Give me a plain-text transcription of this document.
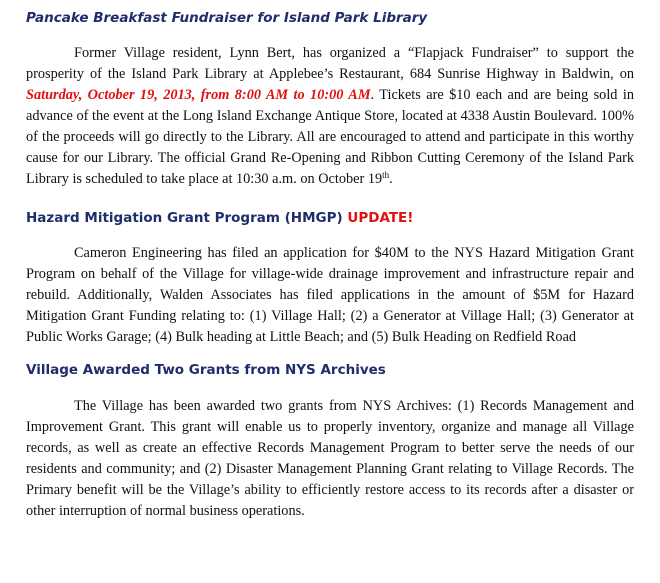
Pancake Breakfast Fundraiser for Island Park Library

Former Village resident, Lynn Bert, has organized a “Flapjack Fundraiser” to support the prosperity of the Island Park Library at Applebee’s Restaurant, 684 Sunrise Highway in Baldwin, on Saturday, October 19, 2013, from 8:00 AM to 10:00 AM. Tickets are $10 each and are being sold in advance of the event at the Long Island Exchange Antique Store, located at 4338 Austin Boulevard. 100% of the proceeds will go directly to the Library. All are encouraged to attend and participate in this worthy cause for our Library. The official Grand Re-Opening and Ribbon Cutting Ceremony of the Island Park Library is scheduled to take place at 10:30 a.m. on October 19th.

Hazard Mitigation Grant Program (HMGP) UPDATE!

Cameron Engineering has filed an application for $40M to the NYS Hazard Mitigation Grant Program on behalf of the Village for village-wide drainage improvement and infrastructure repair and rebuild. Additionally, Walden Associates has filed applications in the amount of $5M for Hazard Mitigation Grant Funding relating to: (1) Village Hall; (2) a Generator at Village Hall; (3) Generator at Public Works Garage; (4) Bulk heading at Little Beach; and (5) Bulk Heading on Redfield Road

Village Awarded Two Grants from NYS Archives

The Village has been awarded two grants from NYS Archives: (1) Records Management and Improvement Grant. This grant will enable us to properly inventory, organize and manage all Village records, as well as create an effective Records Management Program to better serve the needs of our residents and community; and (2) Disaster Management Planning Grant relating to Village Records. The Primary benefit will be the Village’s ability to efficiently restore access to its records after a disaster or other interruption of normal business operations.
